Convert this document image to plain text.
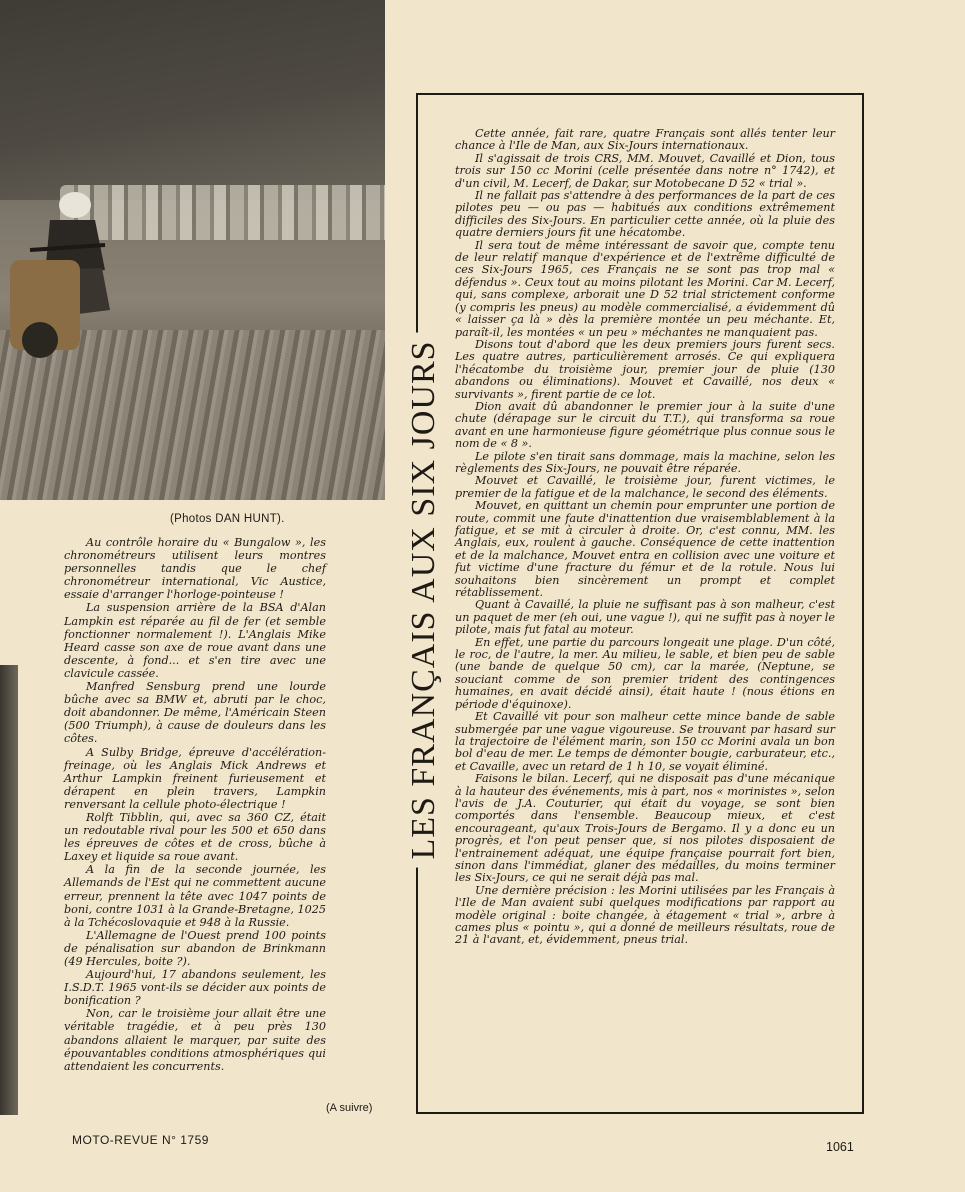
(Photos DAN HUNT).

Au contrôle horaire du « Bungalow », les chronométreurs utilisent leurs montres personnelles tandis que le chef chronométreur international, Vic Austice, essaie d'arranger l'horloge-pointeuse !

La suspension arrière de la BSA d'Alan Lampkin est réparée au fil de fer (et semble fonctionner normalement !). L'Anglais Mike Heard casse son axe de roue avant dans une descente, à fond... et s'en tire avec une clavicule cassée.

Manfred Sensburg prend une lourde bûche avec sa BMW et, abruti par le choc, doit abandonner. De même, l'Américain Steen (500 Triumph), à cause de douleurs dans les côtes.

A Sulby Bridge, épreuve d'accélération-freinage, où les Anglais Mick Andrews et Arthur Lampkin freinent furieusement et dérapent en plein travers, Lampkin renversant la cellule photo-électrique !

Rolft Tibblin, qui, avec sa 360 CZ, était un redoutable rival pour les 500 et 650 dans les épreuves de côtes et de cross, bûche à Laxey et liquide sa roue avant.

A la fin de la seconde journée, les Allemands de l'Est qui ne commettent aucune erreur, prennent la tête avec 1047 points de boni, contre 1031 à la Grande-Bretagne, 1025 à la Tchécoslovaquie et 948 à la Russie.

L'Allemagne de l'Ouest prend 100 points de pénalisation sur abandon de Brinkmann (49 Hercules, boite ?).

Aujourd'hui, 17 abandons seulement, les I.S.D.T. 1965 vont-ils se décider aux points de bonification ?

Non, car le troisième jour allait être une véritable tragédie, et à peu près 130 abandons allaient le marquer, par suite des épouvantables conditions atmosphériques qui attendaient les concurrents.

(A suivre)
LES FRANÇAIS AUX SIX JOURS

Cette année, fait rare, quatre Français sont allés tenter leur chance à l'Ile de Man, aux Six-Jours internationaux.

Il s'agissait de trois CRS, MM. Mouvet, Cavaillé et Dion, tous trois sur 150 cc Morini (celle présentée dans notre n° 1742), et d'un civil, M. Lecerf, de Dakar, sur Motobecane D 52 « trial ».

Il ne fallait pas s'attendre à des performances de la part de ces pilotes peu — ou pas — habitués aux conditions extrêmement difficiles des Six-Jours. En particulier cette année, où la pluie des quatre derniers jours fit une hécatombe.

Il sera tout de même intéressant de savoir que, compte tenu de leur relatif manque d'expérience et de l'extrême difficulté de ces Six-Jours 1965, ces Français ne se sont pas trop mal « défendus ». Ceux tout au moins pilotant les Morini. Car M. Lecerf, qui, sans complexe, arborait une D 52 trial strictement conforme (y compris les pneus) au modèle commercialisé, a évidemment dû « laisser ça là » dès la première montée un peu méchante. Et, paraît-il, les montées « un peu » méchantes ne manquaient pas.

Disons tout d'abord que les deux premiers jours furent secs. Les quatre autres, particulièrement arrosés. Ce qui expliquera l'hécatombe du troisième jour, premier jour de pluie (130 abandons ou éliminations). Mouvet et Cavaillé, nos deux « survivants », firent partie de ce lot.

Dion avait dû abandonner le premier jour à la suite d'une chute (dérapage sur le circuit du T.T.), qui transforma sa roue avant en une harmonieuse figure géométrique plus connue sous le nom de « 8 ».

Le pilote s'en tirait sans dommage, mais la machine, selon les règlements des Six-Jours, ne pouvait être réparée.

Mouvet et Cavaillé, le troisième jour, furent victimes, le premier de la fatigue et de la malchance, le second des éléments.

Mouvet, en quittant un chemin pour emprunter une portion de route, commit une faute d'inattention due vraisemblablement à la fatigue, et se mit à circuler à droite. Or, c'est connu, MM. les Anglais, eux, roulent à gauche. Conséquence de cette inattention et de la malchance, Mouvet entra en collision avec une voiture et fut victime d'une fracture du fémur et de la rotule. Nous lui souhaitons bien sincèrement un prompt et complet rétablissement.

Quant à Cavaillé, la pluie ne suffisant pas à son malheur, c'est un paquet de mer (eh oui, une vague !), qui ne suffit pas à noyer le pilote, mais fut fatal au moteur.

En effet, une partie du parcours longeait une plage. D'un côté, le roc, de l'autre, la mer. Au milieu, le sable, et bien peu de sable (une bande de quelque 50 cm), car la marée, (Neptune, se souciant comme de son premier trident des contingences humaines, en avait décidé ainsi), était haute ! (nous étions en période d'équinoxe).

Et Cavaillé vit pour son malheur cette mince bande de sable submergée par une vague vigoureuse. Se trouvant par hasard sur la trajectoire de l'élément marin, son 150 cc Morini avala un bon bol d'eau de mer. Le temps de démonter bougie, carburateur, etc., et Cavaille, avec un retard de 1 h 10, se voyait éliminé.

Faisons le bilan. Lecerf, qui ne disposait pas d'une mécanique à la hauteur des événements, mis à part, nos « morinistes », selon l'avis de J.A. Couturier, qui était du voyage, se sont bien comportés dans l'ensemble. Beaucoup mieux, et c'est encourageant, qu'aux Trois-Jours de Bergamo. Il y a donc eu un progrès, et l'on peut penser que, si nos pilotes disposaient de l'entrainement adéquat, une équipe française pourrait fort bien, sinon dans l'immédiat, glaner des médailles, du moins terminer les Six-Jours, ce qui ne serait déjà pas mal.

Une dernière précision : les Morini utilisées par les Français à l'Ile de Man avaient subi quelques modifications par rapport au modèle original : boite changée, à étagement « trial », arbre à cames plus « pointu », qui a donné de meilleurs résultats, roue de 21 à l'avant, et, évidemment, pneus trial.

MOTO-REVUE N° 1759	1061
